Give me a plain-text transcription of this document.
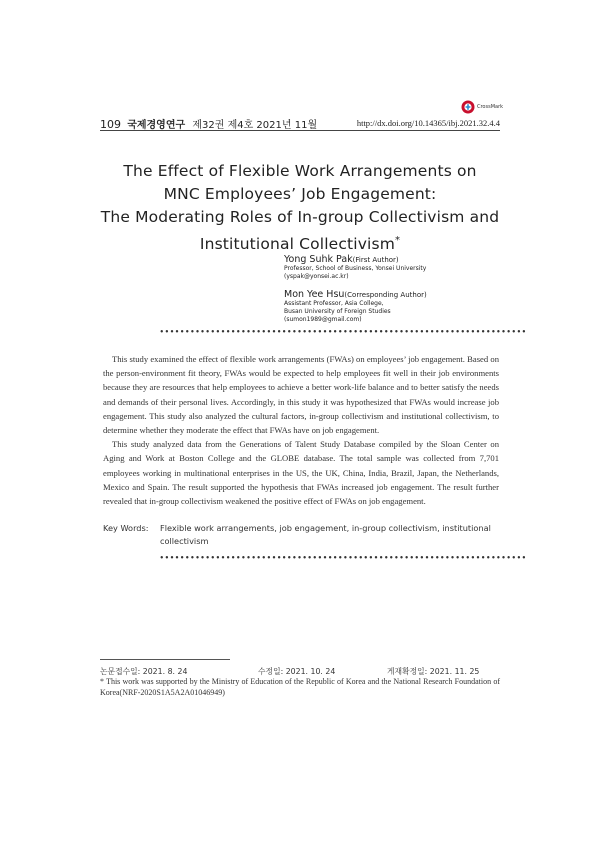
109 국제경영연구 제32권 제4호 2021년 11월	http://dx.doi.org/10.14365/ibj.2021.32.4.4
CrossMark
The Effect of Flexible Work Arrangements on
MNC Employees’ Job Engagement:
The Moderating Roles of In-group Collectivism and
Institutional Collectivism*
Yong Suhk Pak(First Author)
Professor, School of Business, Yonsei University
(yspak@yonsei.ac.kr)
Mon Yee Hsu(Corresponding Author)
Assistant Professor, Asia College,
Busan University of Foreign Studies
(sumon1989@gmail.com)
••••••••••••••••••••••••••••••••••••••••••••••••••••••••••••••••••••••••

This study examined the effect of flexible work arrangements (FWAs) on employees’ job engagement. Based on the person-environment fit theory, FWAs would be expected to help employees fit well in their job environments because they are resources that help employees to achieve a better work-life balance and to better satisfy the needs and demands of their personal lives. Accordingly, in this study it was hypothesized that FWAs would increase job engagement. This study also analyzed the cultural factors, in-group collectivism and institutional collectivism, to determine whether they moderate the effect that FWAs have on job engagement.

This study analyzed data from the Generations of Talent Study Database compiled by the Sloan Center on Aging and Work at Boston College and the GLOBE database. The total sample was collected from 7,701 employees working in multinational enterprises in the US, the UK, China, India, Brazil, Japan, the Netherlands, Mexico and Spain. The result supported the hypothesis that FWAs increased job engagement. The result further revealed that in-group collectivism weakened the positive effect of FWAs on job engagement.

Key Words:	Flexible work arrangements, job engagement, in-group collectivism, institutional collectivism
••••••••••••••••••••••••••••••••••••••••••••••••••••••••••••••••••••••••
논문접수일: 2021. 8. 24	수정일: 2021. 10. 24	게재확정일: 2021. 11. 25
* This work was supported by the Ministry of Education of the Republic of Korea and the National Research Foundation of Korea(NRF-2020S1A5A2A01046949)
